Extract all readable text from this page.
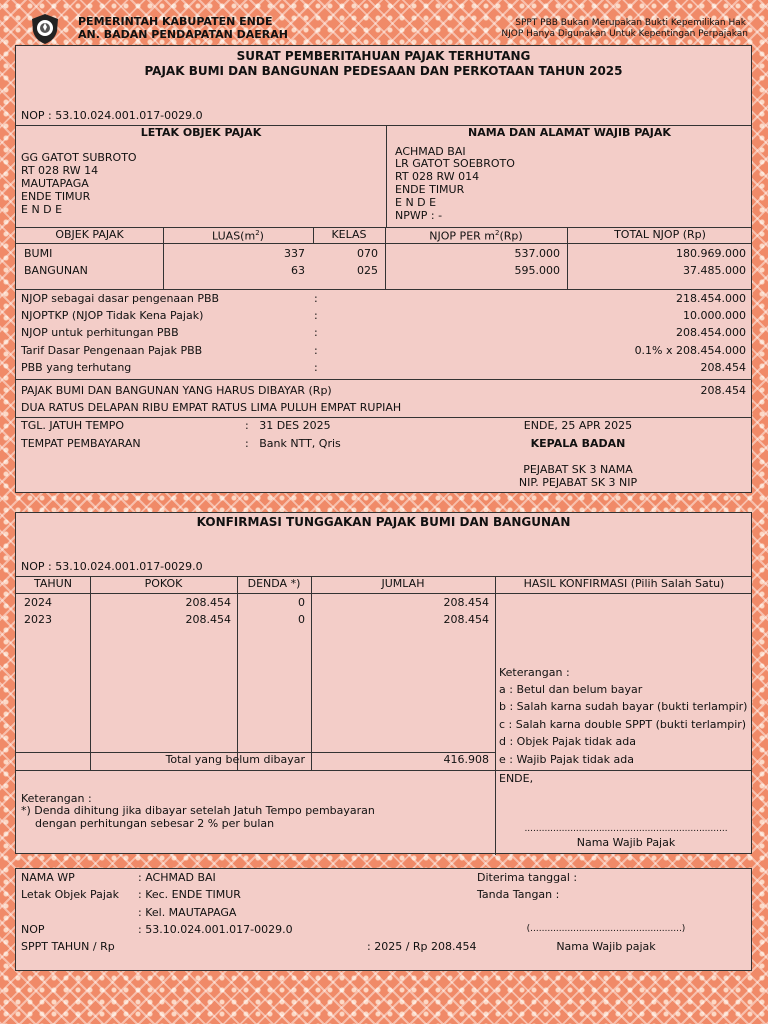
PEMERINTAH KABUPATEN ENDE
AN. BADAN PENDAPATAN DAERAH
SPPT PBB Bukan Merupakan Bukti Kepemilikan Hak
NJOP Hanya Digunakan Untuk Kepentingan Perpajakan
SURAT PEMBERITAHUAN PAJAK TERHUTANG
PAJAK BUMI DAN BANGUNAN PEDESAAN DAN PERKOTAAN TAHUN 2025
NOP : 53.10.024.001.017-0029.0
LETAK OBJEK PAJAK	NAMA DAN ALAMAT WAJIB PAJAK
GG GATOT SUBROTO
RT 028 RW 14
MAUTAPAGA
ENDE TIMUR
E N D E
ACHMAD BAI
LR GATOT SOEBROTO
RT 028 RW 014
ENDE TIMUR
E N D E
NPWP : -
OBJEK PAJAK	$LUAS(m^2)$	KELAS	NJOP PER $m^2(Rp)$	TOTAL NJOP (Rp)
BUMI	337	070	537.000	180.969.000
BANGUNAN	63	025	595.000	37.485.000
NJOP sebagai dasar pengenaan PBB	:	218.454.000
NJOPTKP (NJOP Tidak Kena Pajak)	:	10.000.000
NJOP untuk perhitungan PBB	:	208.454.000
Tarif Dasar Pengenaan Pajak PBB	:	0.1% x 208.454.000
PBB yang terhutang	:	208.454
PAJAK BUMI DAN BANGUNAN YANG HARUS DIBAYAR (Rp)	208.454
DUA RATUS DELAPAN RIBU EMPAT RATUS LIMA PULUH EMPAT RUPIAH
TGL. JATUH TEMPO	:   31 DES 2025
TEMPAT PEMBAYARAN	:   Bank NTT, Qris
ENDE, 25 APR 2025
KEPALA BADAN
PEJABAT SK 3 NAMA
NIP. PEJABAT SK 3 NIP
KONFIRMASI TUNGGAKAN PAJAK BUMI DAN BANGUNAN
NOP : 53.10.024.001.017-0029.0
TAHUN	POKOK	DENDA *)	JUMLAH	HASIL KONFIRMASI (Pilih Salah Satu)
2024	208.454	0	208.454
2023	208.454	0	208.454
Total yang belum dibayar	416.908
Keterangan :
a : Betul dan belum bayar
b : Salah karna sudah bayar (bukti terlampir)
c : Salah karna double SPPT (bukti terlampir)
d : Objek Pajak tidak ada
e : Wajib Pajak tidak ada
Keterangan :
*) Denda dihitung jika dibayar setelah Jatuh Tempo pembayaran
dengan perhitungan sebesar 2 % per bulan
ENDE,
.......................................................................
Nama Wajib Pajak
NAMA WP	: ACHMAD BAI
Letak Objek Pajak : Kec. ENDE TIMUR
: Kel. MAUTAPAGA
NOP	: 53.10.024.001.017-0029.0
SPPT TAHUN / Rp	: 2025 / Rp 208.454
Diterima tanggal :
Tanda Tangan :
(.....................................................)
Nama Wajib pajak
